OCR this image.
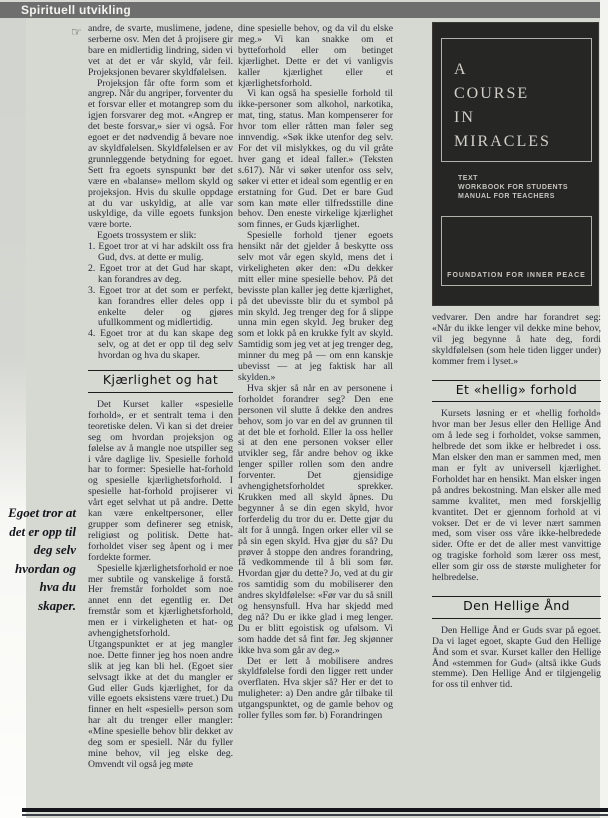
Spirituell utvikling
☞
Egoet tror at det er opp til deg selv hvordan og hva du skaper.

andre, de svarte, muslimene, jødene, serberne osv. Men det å projisere gir bare en midlertidig lindring, siden vi vet at det er vår skyld, vår feil. Projeksjonen bevarer skyldfølelsen.

Projeksjon får ofte form som et angrep. Når du angriper, forventer du et forsvar eller et motangrep som du igjen forsvarer deg mot. «Angrep er det beste forsvar,» sier vi også. For egoet er det nødvendig å bevare noe av skyldfølelsen. Skyldfølelsen er av grunnleggende betydning for egoet. Sett fra egoets synspunkt bør det være en «balanse» mellom skyld og projeksjon. Hvis du skulle oppdage at du var uskyldig, at alle var uskyldige, da ville egoets funksjon være borte.

Egoets trossystem er slik:

1. Egoet tror at vi har adskilt oss fra Gud, dvs. at dette er mulig.

2. Egoet tror at det Gud har skapt, kan forandres av deg.

3. Egoet tror at det som er perfekt, kan forandres eller deles opp i enkelte deler og gjøres ufullkomment og midlertidig.

4. Egoet tror at du kan skape deg selv, og at det er opp til deg selv hvordan og hva du skaper.

Kjærlighet og hat

Det Kurset kaller «spesielle forhold», er et sentralt tema i den teoretiske delen. Vi kan si det dreier seg om hvordan projeksjon og følelse av å mangle noe utspiller seg i våre daglige liv. Spesielle forhold har to former: Spesielle hat-forhold og spesielle kjærlighetsforhold. I spesielle hat-forhold projiserer vi vårt eget selvhat ut på andre. Dette kan være enkeltpersoner, eller grupper som definerer seg etnisk, religiøst og politisk. Dette hat-forholdet viser seg åpent og i mer fordekte former.

Spesielle kjærlighetsforhold er noe mer subtile og vanskelige å forstå. Her fremstår forholdet som noe annet enn det egentlig er. Det fremstår som et kjærlighetsforhold, men er i virkeligheten et hat- og avhengighetsforhold. Utgangspunktet er at jeg mangler noe. Dette finner jeg hos noen andre slik at jeg kan bli hel. (Egoet sier selvsagt ikke at det du mangler er Gud eller Guds kjærlighet, for da ville egoets eksistens være truet.) Du finner en helt «spesiell» person som har alt du trenger eller mangler: «Mine spesielle behov blir dekket av deg som er spesiell. Når du fyller mine behov, vil jeg elske deg. Omvendt vil også jeg møte

dine spesielle behov, og da vil du elske meg.» Vi kan snakke om et bytteforhold eller om betinget kjærlighet. Dette er det vi vanligvis kaller kjærlighet eller et kjærlighetsforhold.

Vi kan også ha spesielle forhold til ikke-personer som alkohol, narkotika, mat, ting, status. Man kompenserer for hvor tom eller råtten man føler seg innvendig. «Søk ikke utenfor deg selv. For det vil mislykkes, og du vil gråte hver gang et ideal faller.» (Teksten s.617). Når vi søker utenfor oss selv, søker vi etter et ideal som egentlig er en erstatning for Gud. Det er bare Gud som kan møte eller tilfredsstille dine behov. Den eneste virkelige kjærlighet som finnes, er Guds kjærlighet.

Spesielle forhold tjener egoets hensikt når det gjelder å beskytte oss selv mot vår egen skyld, mens det i virkeligheten øker den: «Du dekker mitt eller mine spesielle behov. På det bevisste plan kaller jeg dette kjærlighet, på det ubevisste blir du et symbol på min skyld. Jeg trenger deg for å slippe unna min egen skyld. Jeg bruker deg som et lokk på en krukke fylt av skyld. Samtidig som jeg vet at jeg trenger deg, minner du meg på — om enn kanskje ubevisst — at jeg faktisk har all skylden.»

Hva skjer så når en av personene i forholdet forandrer seg? Den ene personen vil slutte å dekke den andres behov, som jo var en del av grunnen til at det ble et forhold. Eller la oss heller si at den ene personen vokser eller utvikler seg, får andre behov og ikke lenger spiller rollen som den andre forventer. Det gjensidige avhengighetsforholdet sprekker. Krukken med all skyld åpnes. Du begynner å se din egen skyld, hvor forferdelig du tror du er. Dette gjør du alt for å unngå. Ingen orker eller vil se på sin egen skyld. Hva gjør du så? Du prøver å stoppe den andres forandring, få vedkommende til å bli som før. Hvordan gjør du dette? Jo, ved at du gir ros samtidig som du mobiliserer den andres skyldfølelse: «Før var du så snill og hensynsfull. Hva har skjedd med deg nå? Du er ikke glad i meg lenger. Du er blitt egoistisk og ufølsom. Vi som hadde det så fint før. Jeg skjønner ikke hva som går av deg.»

Det er lett å mobilisere andres skyldfølelse fordi den ligger rett under overflaten. Hva skjer så? Her er det to muligheter: a) Den andre går tilbake til utgangspunktet, og de gamle behov og roller fylles som før. b) Forandringen

A
COURSE
IN
MIRACLES
TEXT
WORKBOOK FOR STUDENTS
MANUAL FOR TEACHERS
FOUNDATION FOR INNER PEACE

vedvarer. Den andre har forandret seg: «Når du ikke lenger vil dekke mine behov, vil jeg begynne å hate deg, fordi skyldfølelsen (som hele tiden ligger under) kommer frem i lyset.»

Et «hellig» forhold

Kursets løsning er et «hellig forhold» hvor man ber Jesus eller den Hellige Ånd om å lede seg i forholdet, vokse sammen, helbrede det som ikke er helbredet i oss. Man elsker den man er sammen med, men man er fylt av universell kjærlighet. Forholdet har en hensikt. Man elsker ingen på andres bekostning. Man elsker alle med samme kvalitet, men med forskjellig kvantitet. Det er gjennom forhold at vi vokser. Det er de vi lever nært sammen med, som viser oss våre ikke-helbredede sider. Ofte er det de aller mest vanvittige og tragiske forhold som lærer oss mest, eller som gir oss de største muligheter for helbredelse.

Den Hellige Ånd

Den Hellige Ånd er Guds svar på egoet. Da vi laget egoet, skapte Gud den Hellige Ånd som et svar. Kurset kaller den Hellige Ånd «stemmen for Gud» (altså ikke Guds stemme). Den Hellige Ånd er tilgjengelig for oss til enhver tid.
